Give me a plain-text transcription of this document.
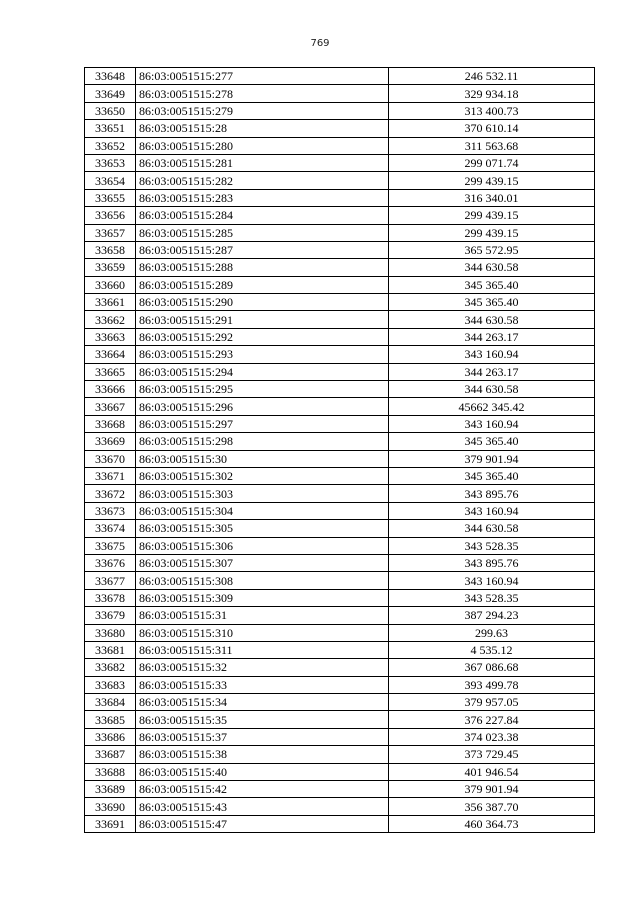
769
33648	86:03:0051515:277	246 532.11
33649	86:03:0051515:278	329 934.18
33650	86:03:0051515:279	313 400.73
33651	86:03:0051515:28	370 610.14
33652	86:03:0051515:280	311 563.68
33653	86:03:0051515:281	299 071.74
33654	86:03:0051515:282	299 439.15
33655	86:03:0051515:283	316 340.01
33656	86:03:0051515:284	299 439.15
33657	86:03:0051515:285	299 439.15
33658	86:03:0051515:287	365 572.95
33659	86:03:0051515:288	344 630.58
33660	86:03:0051515:289	345 365.40
33661	86:03:0051515:290	345 365.40
33662	86:03:0051515:291	344 630.58
33663	86:03:0051515:292	344 263.17
33664	86:03:0051515:293	343 160.94
33665	86:03:0051515:294	344 263.17
33666	86:03:0051515:295	344 630.58
33667	86:03:0051515:296	45662 345.42
33668	86:03:0051515:297	343 160.94
33669	86:03:0051515:298	345 365.40
33670	86:03:0051515:30	379 901.94
33671	86:03:0051515:302	345 365.40
33672	86:03:0051515:303	343 895.76
33673	86:03:0051515:304	343 160.94
33674	86:03:0051515:305	344 630.58
33675	86:03:0051515:306	343 528.35
33676	86:03:0051515:307	343 895.76
33677	86:03:0051515:308	343 160.94
33678	86:03:0051515:309	343 528.35
33679	86:03:0051515:31	387 294.23
33680	86:03:0051515:310	299.63
33681	86:03:0051515:311	4 535.12
33682	86:03:0051515:32	367 086.68
33683	86:03:0051515:33	393 499.78
33684	86:03:0051515:34	379 957.05
33685	86:03:0051515:35	376 227.84
33686	86:03:0051515:37	374 023.38
33687	86:03:0051515:38	373 729.45
33688	86:03:0051515:40	401 946.54
33689	86:03:0051515:42	379 901.94
33690	86:03:0051515:43	356 387.70
33691	86:03:0051515:47	460 364.73
